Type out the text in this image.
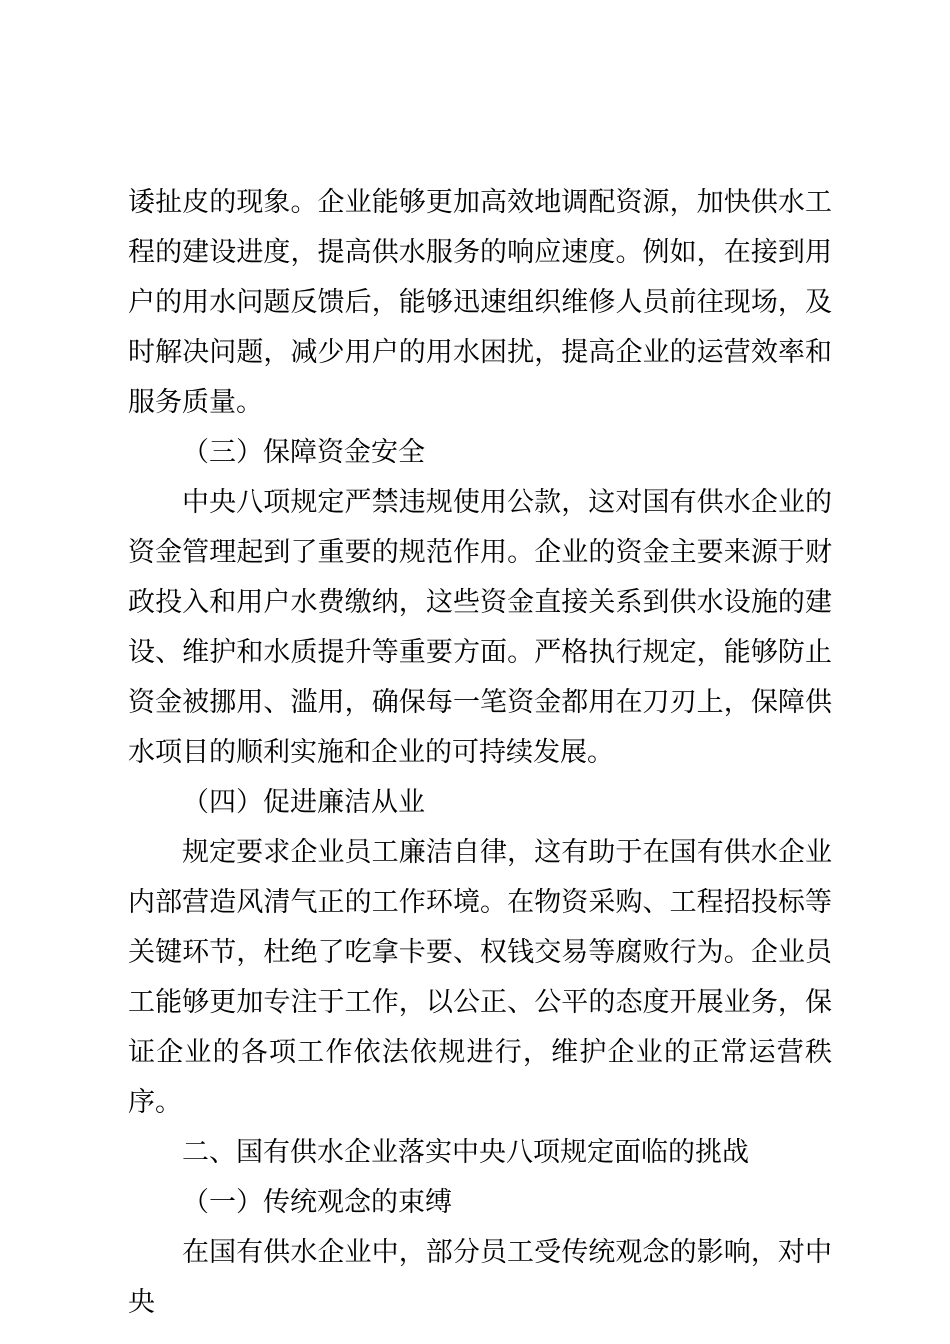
诿扯皮的现象。企业能够更加高效地调配资源，加快供水工程的建设进度，提高供水服务的响应速度。例如，在接到用户的用水问题反馈后，能够迅速组织维修人员前往现场，及时解决问题，减少用户的用水困扰，提高企业的运营效率和服务质量。

（三）保障资金安全

中央八项规定严禁违规使用公款，这对国有供水企业的资金管理起到了重要的规范作用。企业的资金主要来源于财政投入和用户水费缴纳，这些资金直接关系到供水设施的建设、维护和水质提升等重要方面。严格执行规定，能够防止资金被挪用、滥用，确保每一笔资金都用在刀刃上，保障供水项目的顺利实施和企业的可持续发展。

（四）促进廉洁从业

规定要求企业员工廉洁自律，这有助于在国有供水企业内部营造风清气正的工作环境。在物资采购、工程招投标等关键环节，杜绝了吃拿卡要、权钱交易等腐败行为。企业员工能够更加专注于工作，以公正、公平的态度开展业务，保证企业的各项工作依法依规进行，维护企业的正常运营秩序。

二、国有供水企业落实中央八项规定面临的挑战

（一）传统观念的束缚

在国有供水企业中，部分员工受传统观念的影响，对中央
